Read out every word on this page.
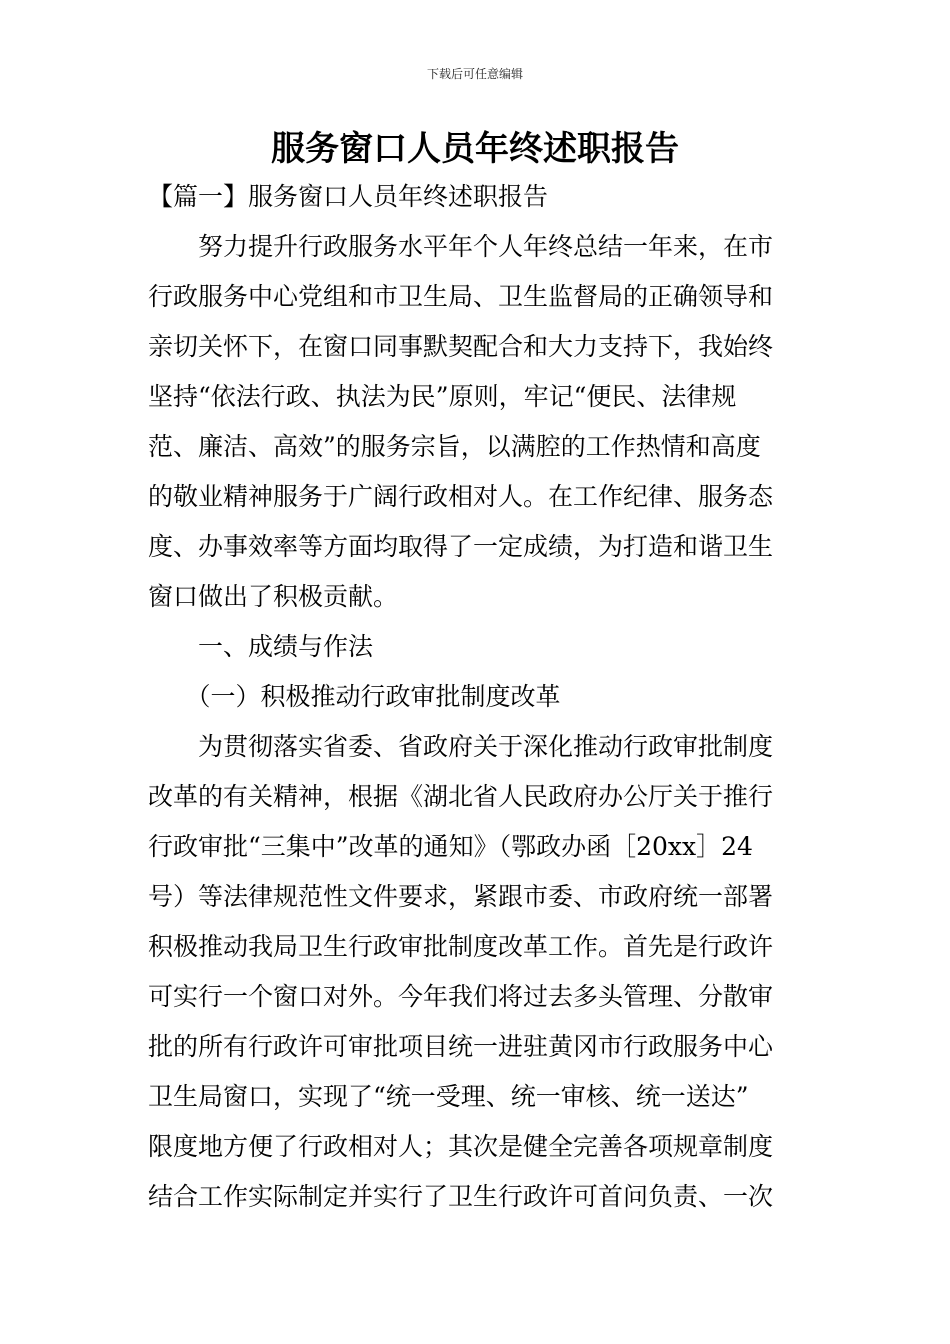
下载后可任意编辑
服务窗口人员年终述职报告
【篇一】服务窗口人员年终述职报告
　　努力提升行政服务水平年个人年终总结一年来，在市
行政服务中心党组和市卫生局、卫生监督局的正确领导和
亲切关怀下，在窗口同事默契配合和大力支持下，我始终
坚持“依法行政、执法为民”原则，牢记“便民、法律规
范、廉洁、高效”的服务宗旨，以满腔的工作热情和高度
的敬业精神服务于广阔行政相对人。在工作纪律、服务态
度、办事效率等方面均取得了一定成绩，为打造和谐卫生
窗口做出了积极贡献。
　　一、成绩与作法
　　（一）积极推动行政审批制度改革
　　为贯彻落实省委、省政府关于深化推动行政审批制度
改革的有关精神，根据《湖北省人民政府办公厅关于推行
行政审批“三集中”改革的通知》（鄂政办函［20xx］24
号）等法律规范性文件要求，紧跟市委、市政府统一部署
积极推动我局卫生行政审批制度改革工作。首先是行政许
可实行一个窗口对外。今年我们将过去多头管理、分散审
批的所有行政许可审批项目统一进驻黄冈市行政服务中心
卫生局窗口，实现了“统一受理、统一审核、统一送达”
限度地方便了行政相对人；其次是健全完善各项规章制度
结合工作实际制定并实行了卫生行政许可首问负责、一次
